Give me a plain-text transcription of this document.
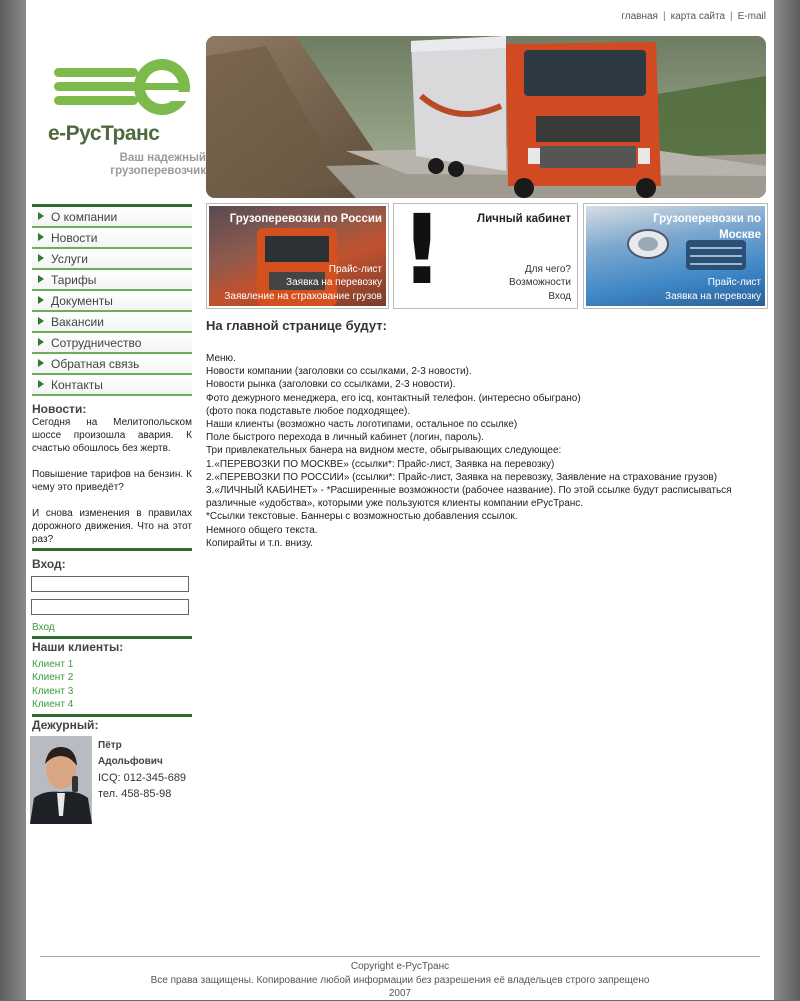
главная | карта сайта | E-mail
е-РусТранс
Ваш надежный
грузоперевозчик
О компании
Новости
Услуги
Тарифы
Документы
Вакансии
Сотрудничество
Обратная связь
Контакты
Новости:

Сегодня на Мелитопольском шоссе произошла авария. К счастью обошлось без жертв.

Повышение тарифов на бензин. К чему это приведёт?

И снова изменения в правилах дорожного движения. Что на этот раз?

Вход:
Вход
Наши клиенты:
Клиент 1
Клиент 2
Клиент 3
Клиент 4
Дежурный:
Пётр
Адольфович
ICQ: 012-345-689
тел. 458-85-98
Грузоперевозки по России
Прайс-лист
Заявка на перевозку
Заявление на страхование грузов !	Личный кабинет
Для чего?
Возможности
Вход
Грузоперевозки по
Москве
Прайс-лист
Заявка на перевозку
На главной странице будут:
Меню.
Новости компании (заголовки со ссылками, 2-3 новости).
Новости рынка (заголовки со ссылками, 2-3 новости).
Фото дежурного менеджера, его icq, контактный телефон. (интересно обыграно)
(фото пока подставьте любое подходящее).
Наши клиенты (возможно часть логотипами, остальное по ссылке)
Поле быстрого перехода в личный кабинет (логин, пароль).
Три привлекательных банера на видном месте, обыгрывающих следующее:
1.«ПЕРЕВОЗКИ ПО МОСКВЕ» (ссылки*: Прайс-лист, Заявка на перевозку)
2.«ПЕРЕВОЗКИ ПО РОССИИ» (ссылки*: Прайс-лист, Заявка на перевозку, Заявление на страхование грузов)
3.«ЛИЧНЫЙ КАБИНЕТ» - *Расширенные возможности (рабочее название). По этой ссылке будут расписываться
различные «удобства», которыми уже пользуются клиенты компании еРусТранс.
*Ссылки текстовые. Баннеры с возможностью добавления ссылок.
Немного общего текста.
Копирайты и т.п. внизу.
Copyright е-РусТранс
Все права защищены. Копирование любой информации без разрешения её владельцев строго запрещено
2007
